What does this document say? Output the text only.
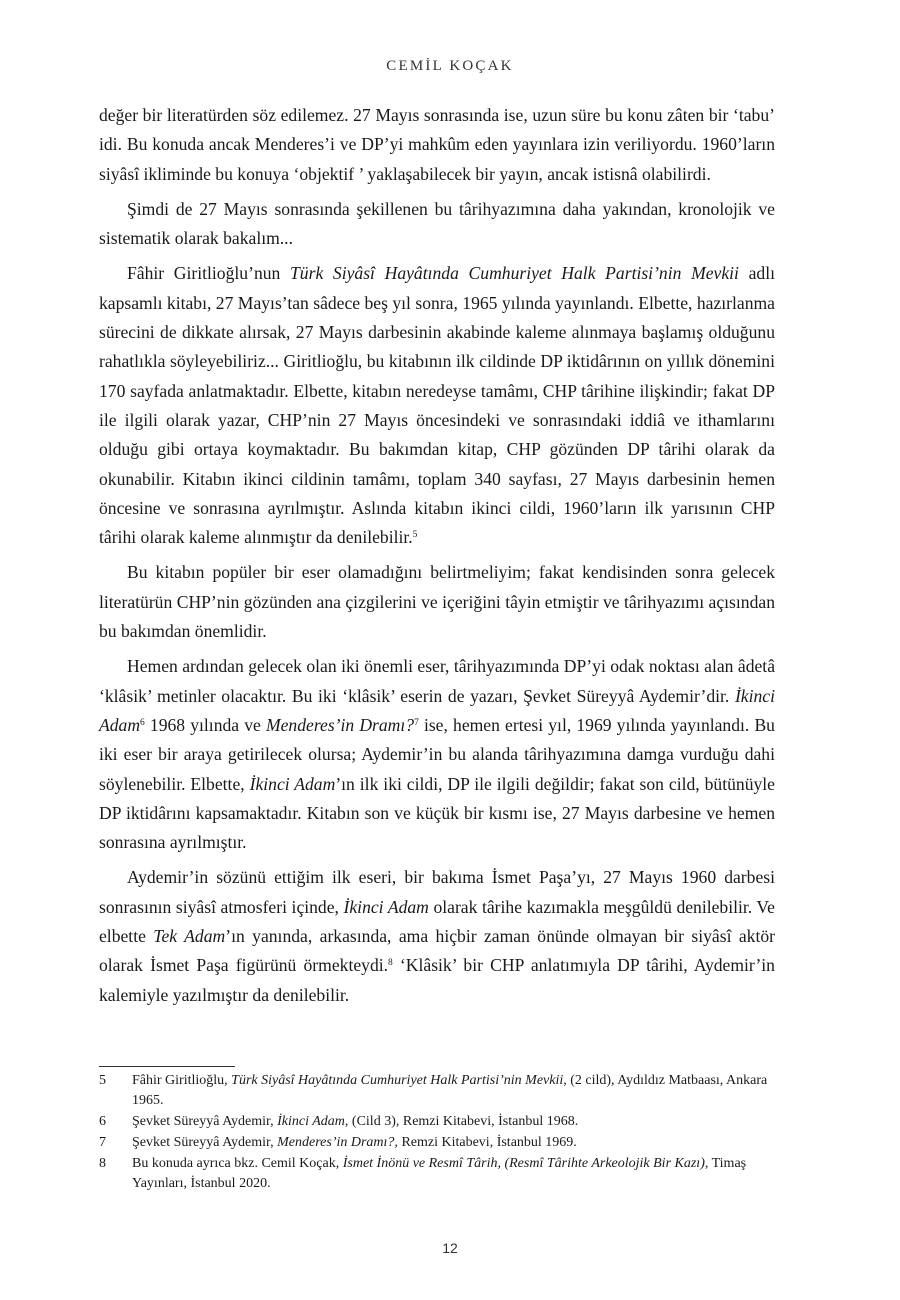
CEMİL KOÇAK

değer bir literatürden söz edilemez. 27 Mayıs sonrasında ise, uzun süre bu konu zâten bir ‘tabu’ idi. Bu konuda ancak Menderes’i ve DP’yi mahkûm eden yayınlara izin veriliyordu. 1960’ların siyâsî ikliminde bu konuya ‘objektif ’ yaklaşabilecek bir yayın, ancak istisnâ olabilirdi.

Şimdi de 27 Mayıs sonrasında şekillenen bu târihyazımına daha yakından, kronolojik ve sistematik olarak bakalım...

Fâhir Giritlioğlu’nun Türk Siyâsî Hayâtında Cumhuriyet Halk Partisi’nin Mevkii adlı kapsamlı kitabı, 27 Mayıs’tan sâdece beş yıl sonra, 1965 yılında yayınlandı. Elbette, hazırlanma sürecini de dikkate alırsak, 27 Mayıs darbesinin akabinde kaleme alınmaya başlamış olduğunu rahatlıkla söyleyebiliriz... Giritlioğlu, bu kitabının ilk cildinde DP iktidârının on yıllık dönemini 170 sayfada anlatmaktadır. Elbette, kitabın neredeyse tamâmı, CHP târihine ilişkindir; fakat DP ile ilgili olarak yazar, CHP’nin 27 Mayıs öncesindeki ve sonrasındaki iddiâ ve ithamlarını olduğu gibi ortaya koymaktadır. Bu bakımdan kitap, CHP gözünden DP târihi olarak da okunabilir. Kitabın ikinci cildinin tamâmı, toplam 340 sayfası, 27 Mayıs darbesinin hemen öncesine ve sonrasına ayrılmıştır. Aslında kitabın ikinci cildi, 1960’ların ilk yarısının CHP târihi olarak kaleme alınmıştır da denilebilir.$^5$

Bu kitabın popüler bir eser olamadığını belirtmeliyim; fakat kendisinden sonra gelecek literatürün CHP’nin gözünden ana çizgilerini ve içeriğini tâyin etmiştir ve târihyazımı açısından bu bakımdan önemlidir.

Hemen ardından gelecek olan iki önemli eser, târihyazımında DP’yi odak noktası alan âdetâ ‘klâsik’ metinler olacaktır. Bu iki ‘klâsik’ eserin de yazarı, Şevket Süreyyâ Aydemir’dir. İkinci Adam$^6$ 1968 yılında ve Menderes’in Dramı?$^7$ ise, hemen ertesi yıl, 1969 yılında yayınlandı. Bu iki eser bir araya getirilecek olursa; Aydemir’in bu alanda târihyazımına damga vurduğu dahi söylenebilir. Elbette, İkinci Adam’ın ilk iki cildi, DP ile ilgili değildir; fakat son cild, bütünüyle DP iktidârını kapsamaktadır. Kitabın son ve küçük bir kısmı ise, 27 Mayıs darbesine ve hemen sonrasına ayrılmıştır.

Aydemir’in sözünü ettiğim ilk eseri, bir bakıma İsmet Paşa’yı, 27 Mayıs 1960 darbesi sonrasının siyâsî atmosferi içinde, İkinci Adam olarak târihe kazımakla meşgûldü denilebilir. Ve elbette Tek Adam’ın yanında, arkasında, ama hiçbir zaman önünde olmayan bir siyâsî aktör olarak İsmet Paşa figürünü örmekteydi.$^8$ ‘Klâsik’ bir CHP anlatımıyla DP târihi, Aydemir’in kalemiyle yazılmıştır da denilebilir.

5	Fâhir Giritlioğlu, Türk Siyâsî Hayâtında Cumhuriyet Halk Partisi’nin Mevkii, (2 cild), Aydıldız Matbaası, Ankara 1965.
6	Şevket Süreyyâ Aydemir, İkinci Adam, (Cild 3), Remzi Kitabevi, İstanbul 1968.
7	Şevket Süreyyâ Aydemir, Menderes’in Dramı?, Remzi Kitabevi, İstanbul 1969.
8	Bu konuda ayrıca bkz. Cemil Koçak, İsmet İnönü ve Resmî Târih, (Resmî Târihte Arkeolojik Bir Kazı), Timaş Yayınları, İstanbul 2020.
12
